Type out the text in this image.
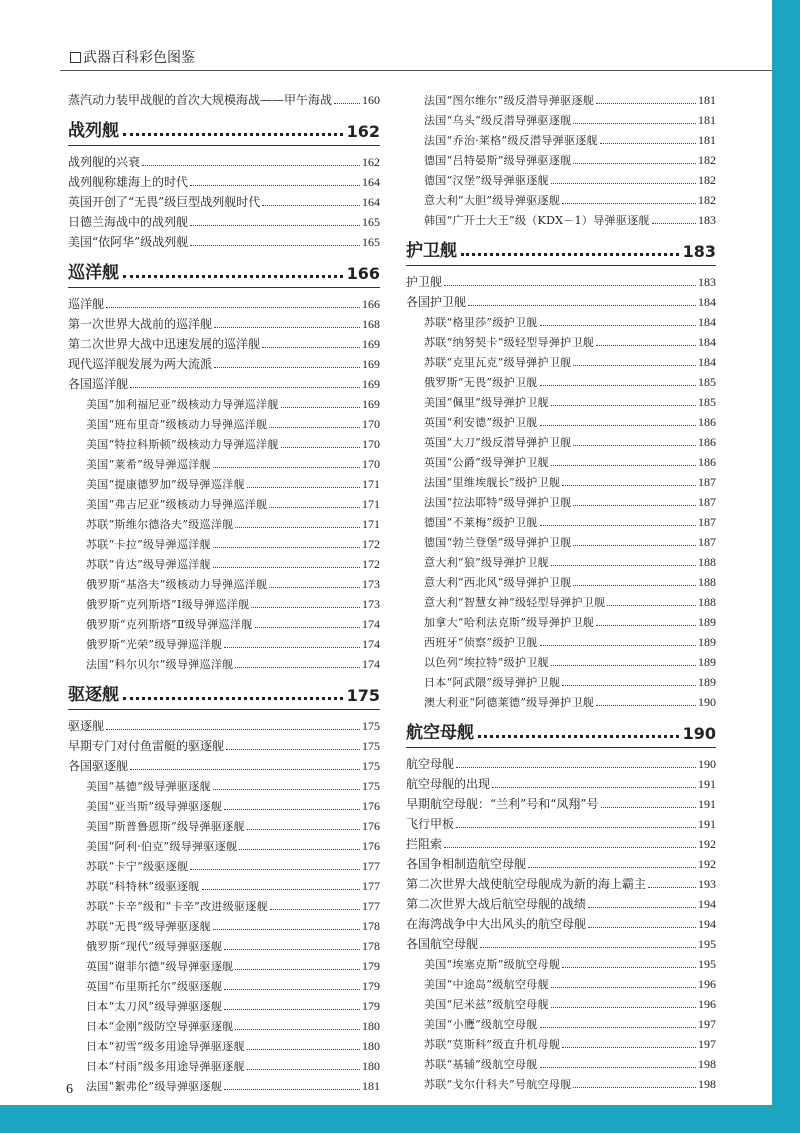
武器百科彩色图鉴
蒸汽动力装甲战舰的首次大规模海战——甲午海战 160
战列舰	162
战列舰的兴衰	162
战列舰称雄海上的时代	164
英国开创了“无畏”级巨型战列舰时代	164
日德兰海战中的战列舰	165
美国“依阿华”级战列舰	165
巡洋舰	166
巡洋舰	166
第一次世界大战前的巡洋舰	168
第二次世界大战中迅速发展的巡洋舰	169
现代巡洋舰发展为两大流派	169
各国巡洋舰	169
美国“加利福尼亚”级核动力导弹巡洋舰	169
美国“班布里奇”级核动力导弹巡洋舰	170
美国“特拉科斯顿”级核动力导弹巡洋舰	170
美国“莱希”级导弹巡洋舰	170
美国“提康德罗加”级导弹巡洋舰	171
美国“弗吉尼亚”级核动力导弹巡洋舰	171
苏联“斯维尔德洛夫”级巡洋舰	171
苏联“卡拉”级导弹巡洋舰	172
苏联“肯达”级导弹巡洋舰	172
俄罗斯“基洛夫”级核动力导弹巡洋舰	173
俄罗斯“克列斯塔”Ⅰ级导弹巡洋舰	173
俄罗斯“克列斯塔”Ⅱ级导弹巡洋舰	174
俄罗斯“光荣”级导弹巡洋舰	174
法国“科尔贝尔”级导弹巡洋舰	174
驱逐舰	175
驱逐舰	175
早期专门对付鱼雷艇的驱逐舰	175
各国驱逐舰	175
美国“基德”级导弹驱逐舰	175
美国“亚当斯”级导弹驱逐舰	176
美国“斯普鲁恩斯”级导弹驱逐舰	176
美国“阿利·伯克”级导弹驱逐舰	176
苏联“卡宁”级驱逐舰	177
苏联“科特林”级驱逐舰	177
苏联“卡辛”级和“卡辛”改进级驱逐舰	177
苏联“无畏”级导弹驱逐舰	178
俄罗斯“现代”级导弹驱逐舰	178
英国“谢菲尔德”级导弹驱逐舰	179
英国“布里斯托尔”级驱逐舰	179
日本“太刀风”级导弹驱逐舰	179
日本“金刚”级防空导弹驱逐舰	180
日本“初雪”级多用途导弹驱逐舰	180
日本“村雨”级多用途导弹驱逐舰	180
法国“絮弗伦”级导弹驱逐舰	181
法国“图尔维尔”级反潜导弹驱逐舰	181
法国“乌头”级反潜导弹驱逐舰	181
法国“乔治·莱格”级反潜导弹驱逐舰	181
德国“吕特晏斯”级导弹驱逐舰	182
德国“汉堡”级导弹驱逐舰	182
意大利“大胆”级导弹驱逐舰	182
韩国“广开土大王”级（KDX－1）导弹驱逐舰	183
护卫舰	183
护卫舰	183
各国护卫舰	184
苏联“格里莎”级护卫舰	184
苏联“纳努契卡”级轻型导弹护卫舰	184
苏联“克里瓦克”级导弹护卫舰	184
俄罗斯“无畏”级护卫舰	185
美国“佩里”级导弹护卫舰	185
英国“利安德”级护卫舰	186
英国“大刀”级反潜导弹护卫舰	186
英国“公爵”级导弹护卫舰	186
法国“里维埃舰长”级护卫舰	187
法国“拉法耶特”级导弹护卫舰	187
德国“不莱梅”级护卫舰	187
德国“勃兰登堡”级导弹护卫舰	187
意大利“狼”级导弹护卫舰	188
意大利“西北风”级导弹护卫舰	188
意大利“智慧女神”级轻型导弹护卫舰	188
加拿大“哈利法克斯”级导弹护卫舰	189
西班牙“侦察”级护卫舰	189
以色列“埃拉特”级护卫舰	189
日本“阿武隈”级导弹护卫舰	189
澳大利亚“阿德莱德”级导弹护卫舰	190
航空母舰	190
航空母舰	190
航空母舰的出现	191
早期航空母舰：“兰利”号和“凤翔”号	191
飞行甲板	191
拦阻索	192
各国争相制造航空母舰	192
第二次世界大战使航空母舰成为新的海上霸主	193
第二次世界大战后航空母舰的战绩	194
在海湾战争中大出风头的航空母舰	194
各国航空母舰	195
美国“埃塞克斯”级航空母舰	195
美国“中途岛”级航空母舰	196
美国“尼米兹”级航空母舰	196
美国“小鹰”级航空母舰	197
苏联“莫斯科”级直升机母舰	197
苏联“基辅”级航空母舰	198
苏联“戈尔什科夫”号航空母舰	198
6
